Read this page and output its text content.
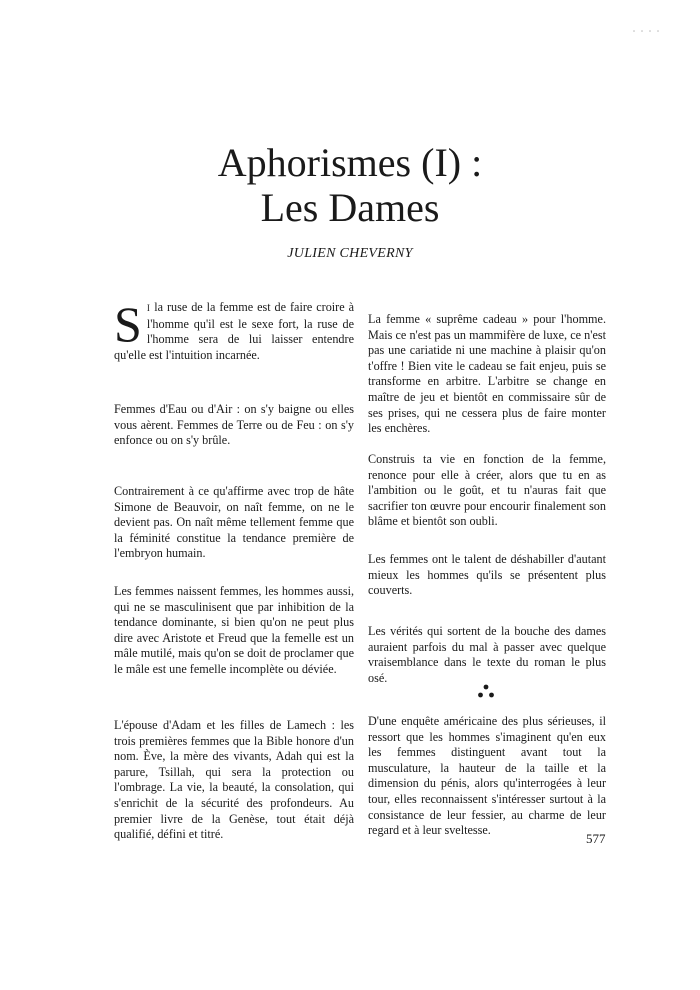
Aphorismes (I) :
Les Dames
JULIEN CHEVERNY

S I la ruse de la femme est de faire croire à l'homme qu'il est le sexe fort, la ruse de l'homme sera de lui laisser entendre qu'elle est l'intuition incarnée.

Femmes d'Eau ou d'Air : on s'y baigne ou elles vous aèrent. Femmes de Terre ou de Feu : on s'y enfonce ou on s'y brûle.

Contrairement à ce qu'affirme avec trop de hâte Simone de Beauvoir, on naît femme, on ne le devient pas. On naît même tellement femme que la féminité constitue la tendance première de l'embryon humain.

Les femmes naissent femmes, les hommes aussi, qui ne se masculinisent que par inhibition de la tendance dominante, si bien qu'on ne peut plus dire avec Aristote et Freud que la femelle est un mâle mutilé, mais qu'on se doit de proclamer que le mâle est une femelle incomplète ou déviée.

L'épouse d'Adam et les filles de Lamech : les trois premières femmes que la Bible honore d'un nom. Ève, la mère des vivants, Adah qui est la parure, Tsillah, qui sera la protection ou l'ombrage. La vie, la beauté, la consolation, qui s'enrichit de la sécurité des profondeurs. Au premier livre de la Genèse, tout était déjà qualifié, défini et titré.

La femme « suprême cadeau » pour l'homme. Mais ce n'est pas un mammifère de luxe, ce n'est pas une cariatide ni une machine à plaisir qu'on t'offre ! Bien vite le cadeau se fait enjeu, puis se transforme en arbitre. L'arbitre se change en maître de jeu et bientôt en commissaire sûr de ses prises, qui ne cessera plus de faire monter les enchères.

Construis ta vie en fonction de la femme, renonce pour elle à créer, alors que tu en as l'ambition ou le goût, et tu n'auras fait que sacrifier ton œuvre pour encourir finalement son blâme et bientôt son oubli.

Les femmes ont le talent de déshabiller d'autant mieux les hommes qu'ils se présentent plus couverts.

Les vérités qui sortent de la bouche des dames auraient parfois du mal à passer avec quelque vraisemblance dans le texte du roman le plus osé.

D'une enquête américaine des plus sérieuses, il ressort que les hommes s'imaginent qu'en eux les femmes distinguent avant tout la musculature, la hauteur de la taille et la dimension du pénis, alors qu'interrogées à leur tour, elles reconnaissent s'intéresser surtout à la consistance de leur fessier, au charme de leur regard et à leur sveltesse.

577
